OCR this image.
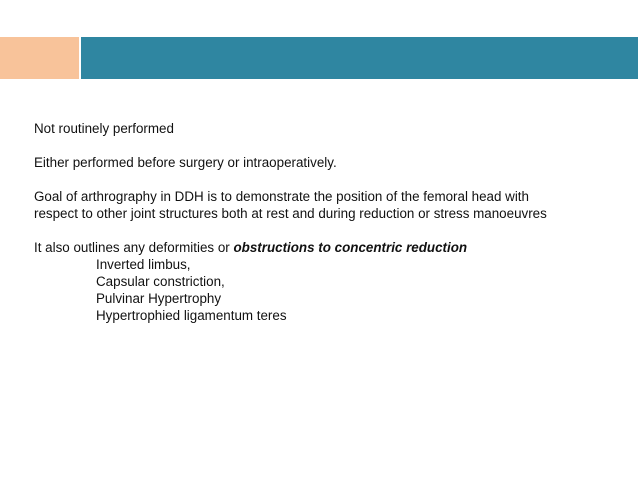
Not routinely performed

Either performed before surgery or intraoperatively.

Goal of arthrography in DDH is to demonstrate the position of the femoral head with
respect to other joint structures both at rest and during reduction or stress manoeuvres

It also outlines any deformities or obstructions to concentric reduction
Inverted limbus,
Capsular constriction,
Pulvinar Hypertrophy
Hypertrophied ligamentum teres
